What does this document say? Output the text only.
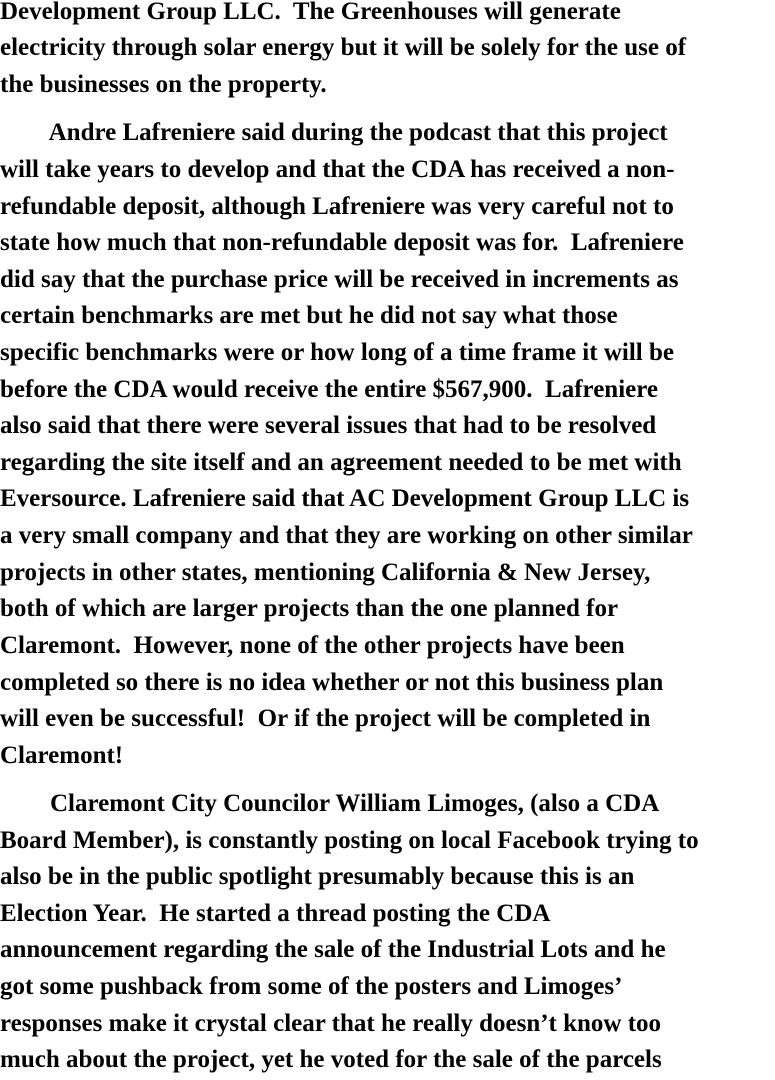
Development Group LLC.  The Greenhouses will generate
electricity through solar energy but it will be solely for the use of
the businesses on the property.
Andre Lafreniere said during the podcast that this project
will take years to develop and that the CDA has received a non-
refundable deposit, although Lafreniere was very careful not to
state how much that non-refundable deposit was for.  Lafreniere
did say that the purchase price will be received in increments as
certain benchmarks are met but he did not say what those
specific benchmarks were or how long of a time frame it will be
before the CDA would receive the entire $567,900.  Lafreniere
also said that there were several issues that had to be resolved
regarding the site itself and an agreement needed to be met with
Eversource. Lafreniere said that AC Development Group LLC is
a very small company and that they are working on other similar
projects in other states, mentioning California & New Jersey,
both of which are larger projects than the one planned for
Claremont.  However, none of the other projects have been
completed so there is no idea whether or not this business plan
will even be successful!  Or if the project will be completed in
Claremont!
Claremont City Councilor William Limoges, (also a CDA
Board Member), is constantly posting on local Facebook trying to
also be in the public spotlight presumably because this is an
Election Year.  He started a thread posting the CDA
announcement regarding the sale of the Industrial Lots and he
got some pushback from some of the posters and Limoges’
responses make it crystal clear that he really doesn’t know too
much about the project, yet he voted for the sale of the parcels
